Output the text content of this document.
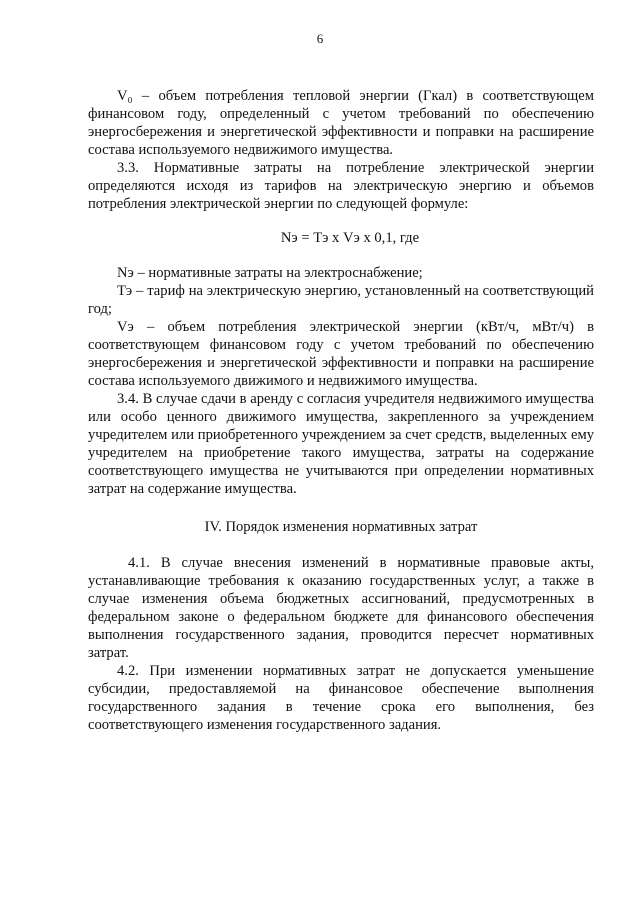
6

V₀ – объем потребления тепловой энергии (Гкал) в соответствующем финансовом году, определенный с учетом требований по обеспечению энергосбережения и энергетической эффективности и поправки на расширение состава используемого недвижимого имущества.

3.3. Нормативные затраты на потребление электрической энергии определяются исходя из тарифов на электрическую энергию и объемов потребления электрической энергии по следующей формуле:

Nэ = Тэ х Vэ х 0,1, где

Nэ – нормативные затраты на электроснабжение;

Тэ – тариф на электрическую энергию, установленный на соответствующий год;

Vэ – объем потребления электрической энергии (кВт/ч, мВт/ч) в соответствующем финансовом году с учетом требований по обеспечению энергосбережения и энергетической эффективности и поправки на расширение состава используемого движимого и недвижимого имущества.

3.4. В случае сдачи в аренду с согласия учредителя недвижимого имущества или особо ценного движимого имущества, закрепленного за учреждением учредителем или приобретенного учреждением за счет средств, выделенных ему учредителем на приобретение такого имущества, затраты на содержание соответствующего имущества не учитываются при определении нормативных затрат на содержание имущества.

IV. Порядок изменения нормативных затрат

4.1. В случае внесения изменений в нормативные правовые акты, устанавливающие требования к оказанию государственных услуг, а также в случае изменения объема бюджетных ассигнований, предусмотренных в федеральном законе о федеральном бюджете для финансового обеспечения выполнения государственного задания, проводится пересчет нормативных затрат.

4.2. При изменении нормативных затрат не допускается уменьшение субсидии, предоставляемой на финансовое обеспечение выполнения государственного задания в течение срока его выполнения, без соответствующего изменения государственного задания.
